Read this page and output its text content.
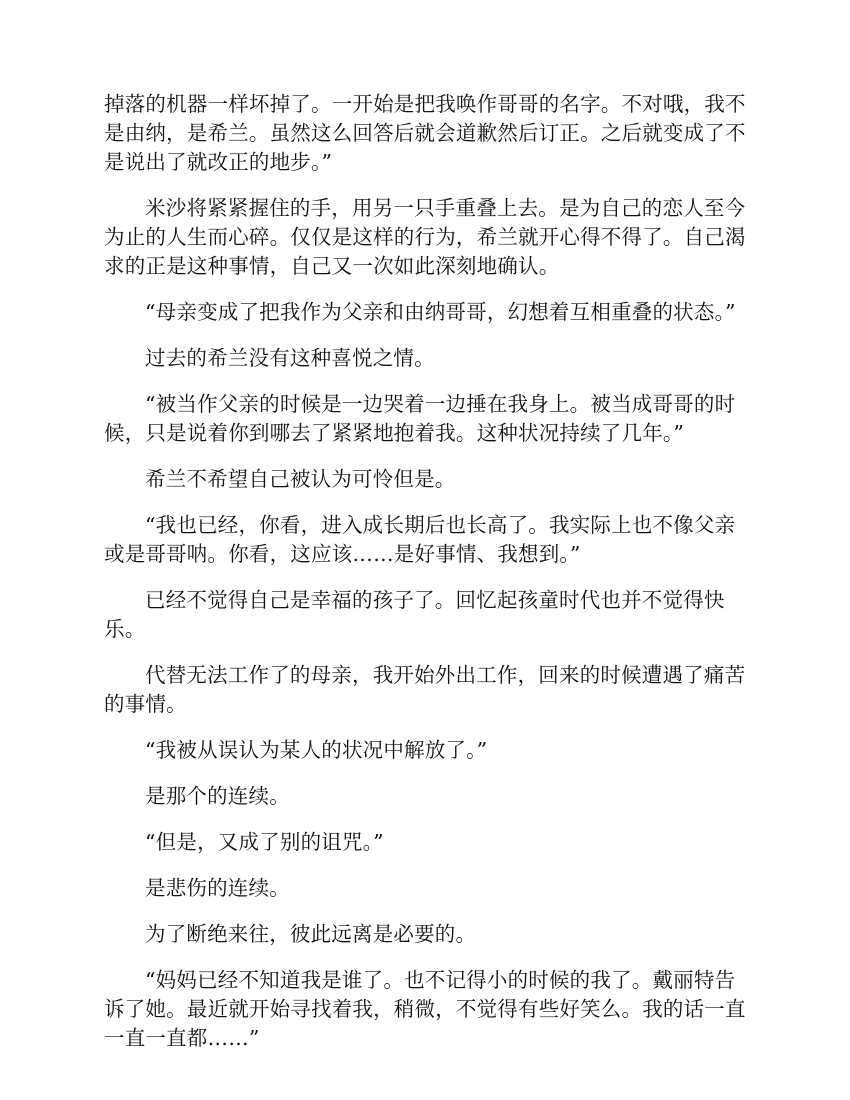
掉落的机器一样坏掉了。一开始是把我唤作哥哥的名字。不对哦，我不是由纳，是希兰。虽然这么回答后就会道歉然后订正。之后就变成了不是说出了就改正的地步。”

米沙将紧紧握住的手，用另一只手重叠上去。是为自己的恋人至今为止的人生而心碎。仅仅是这样的行为，希兰就开心得不得了。自己渴求的正是这种事情，自己又一次如此深刻地确认。

“母亲变成了把我作为父亲和由纳哥哥，幻想着互相重叠的状态。”

过去的希兰没有这种喜悦之情。

“被当作父亲的时候是一边哭着一边捶在我身上。被当成哥哥的时候，只是说着你到哪去了紧紧地抱着我。这种状况持续了几年。”

希兰不希望自己被认为可怜但是。

“我也已经，你看，进入成长期后也长高了。我实际上也不像父亲或是哥哥呐。你看，这应该……是好事情、我想到。”

已经不觉得自己是幸福的孩子了。回忆起孩童时代也并不觉得快乐。

代替无法工作了的母亲，我开始外出工作，回来的时候遭遇了痛苦的事情。

“我被从误认为某人的状况中解放了。”

是那个的连续。

“但是，又成了别的诅咒。”

是悲伤的连续。

为了断绝来往，彼此远离是必要的。

“妈妈已经不知道我是谁了。也不记得小的时候的我了。戴丽特告诉了她。最近就开始寻找着我，稍微，不觉得有些好笑么。我的话一直一直一直都……”
